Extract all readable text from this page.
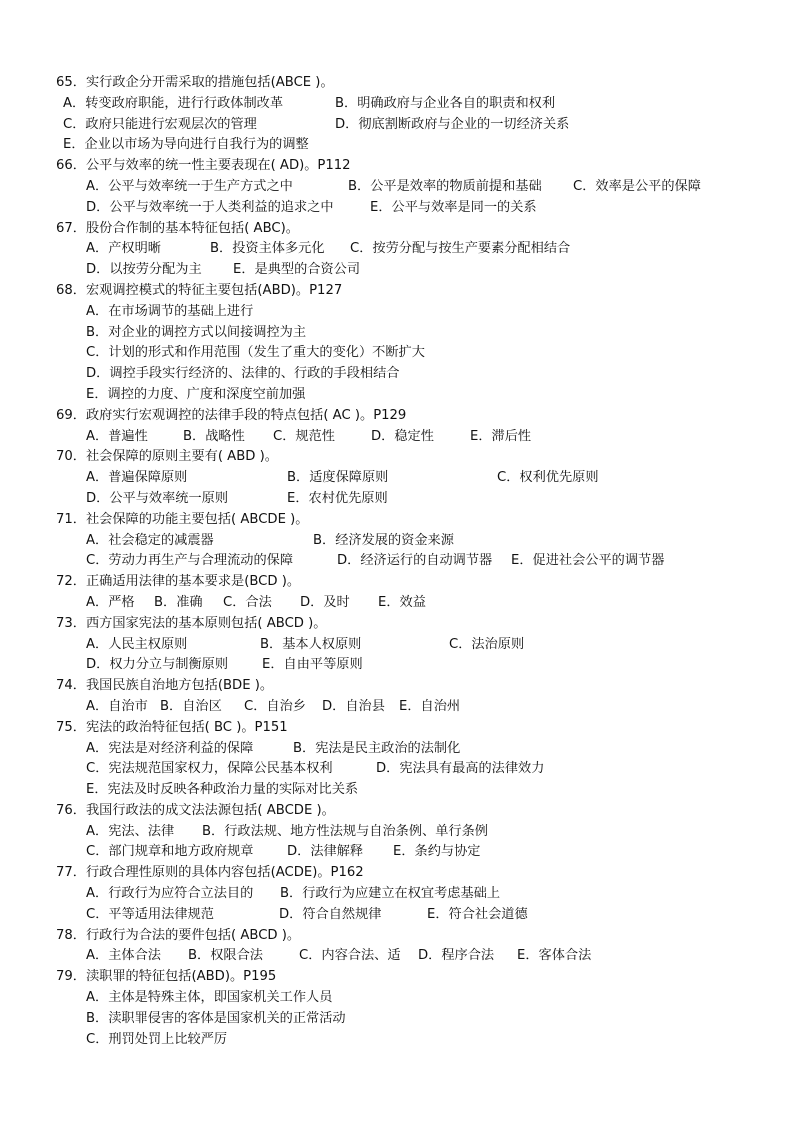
65．实行政企分开需采取的措施包括(ABCE )。
A．转变政府职能，进行行政体制改革	B．明确政府与企业各自的职责和权利
C．政府只能进行宏观层次的管理	D．彻底割断政府与企业的一切经济关系
E．企业以市场为导向进行自我行为的调整
66．公平与效率的统一性主要表现在( AD)。P112
A．公平与效率统一于生产方式之中	B．公平是效率的物质前提和基础 C．效率是公平的保障
D．公平与效率统一于人类利益的追求之中	E．公平与效率是同一的关系
67．股份合作制的基本特征包括( ABC)。
A．产权明晰	B．投资主体多元化 C．按劳分配与按生产要素分配相结合
D．以按劳分配为主 E．是典型的合资公司
68．宏观调控模式的特征主要包括(ABD)。P127
A．在市场调节的基础上进行
B．对企业的调控方式以间接调控为主
C．计划的形式和作用范围（发生了重大的变化）不断扩大
D．调控手段实行经济的、法律的、行政的手段相结合
E．调控的力度、广度和深度空前加强
69．政府实行宏观调控的法律手段的特点包括( AC )。P129
A．普遍性	B．战略性 C．规范性	D．稳定性	E．滞后性
70．社会保障的原则主要有( ABD )。
A．普遍保障原则	B．适度保障原则	C．权利优先原则
D．公平与效率统一原则	E．农村优先原则
71．社会保障的功能主要包括( ABCDE )。
A．社会稳定的减震器	B．经济发展的资金来源
C．劳动力再生产与合理流动的保障	D．经济运行的自动调节器 E．促进社会公平的调节器
72．正确适用法律的基本要求是(BCD )。
A．严格 B．准确 C．合法 D．及时 E．效益
73．西方国家宪法的基本原则包括( ABCD )。
A．人民主权原则	B．基本人权原则	C．法治原则
D．权力分立与制衡原则	E．自由平等原则
74．我国民族自治地方包括(BDE )。
A．自治市 B．自治区 C．自治乡 D．自治县 E．自治州
75．宪法的政治特征包括( BC )。P151
A．宪法是对经济利益的保障	B．宪法是民主政治的法制化
C．宪法规范国家权力，保障公民基本权利	D．宪法具有最高的法律效力
E．宪法及时反映各种政治力量的实际对比关系
76．我国行政法的成文法法源包括( ABCDE )。
A．宪法、法律 B．行政法规、地方性法规与自治条例、单行条例
C．部门规章和地方政府规章	D．法律解释 E．条约与协定
77．行政合理性原则的具体内容包括(ACDE)。P162
A．行政行为应符合立法目的 B．行政行为应建立在权宜考虑基础上
C．平等适用法律规范	D．符合自然规律	E．符合社会道德
78．行政行为合法的要件包括( ABCD )。
A．主体合法 B．权限合法	C．内容合法、适 D．程序合法 E．客体合法
79．渎职罪的特征包括(ABD)。P195
A．主体是特殊主体，即国家机关工作人员
B．渎职罪侵害的客体是国家机关的正常活动
C．刑罚处罚上比较严厉
